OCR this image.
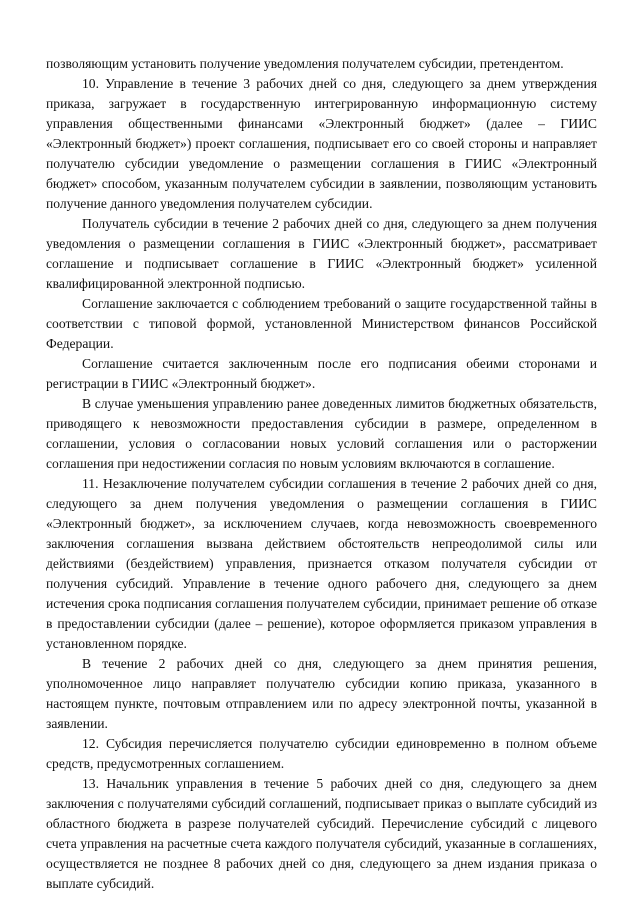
позволяющим установить получение уведомления получателем субсидии, претендентом.

10. Управление в течение 3 рабочих дней со дня, следующего за днем утверждения приказа, загружает в государственную интегрированную информационную систему управления общественными финансами «Электронный бюджет» (далее – ГИИС «Электронный бюджет») проект соглашения, подписывает его со своей стороны и направляет получателю субсидии уведомление о размещении соглашения в ГИИС «Электронный бюджет» способом, указанным получателем субсидии в заявлении, позволяющим установить получение данного уведомления получателем субсидии.

Получатель субсидии в течение 2 рабочих дней со дня, следующего за днем получения уведомления о размещении соглашения в ГИИС «Электронный бюджет», рассматривает соглашение и подписывает соглашение в ГИИС «Электронный бюджет» усиленной квалифицированной электронной подписью.

Соглашение заключается с соблюдением требований о защите государственной тайны в соответствии с типовой формой, установленной Министерством финансов Российской Федерации.

Соглашение считается заключенным после его подписания обеими сторонами и регистрации в ГИИС «Электронный бюджет».

В случае уменьшения управлению ранее доведенных лимитов бюджетных обязательств, приводящего к невозможности предоставления субсидии в размере, определенном в соглашении, условия о согласовании новых условий соглашения или о расторжении соглашения при недостижении согласия по новым условиям включаются в соглашение.

11. Незаключение получателем субсидии соглашения в течение 2 рабочих дней со дня, следующего за днем получения уведомления о размещении соглашения в ГИИС «Электронный бюджет», за исключением случаев, когда невозможность своевременного заключения соглашения вызвана действием обстоятельств непреодолимой силы или действиями (бездействием) управления, признается отказом получателя субсидии от получения субсидий. Управление в течение одного рабочего дня, следующего за днем истечения срока подписания соглашения получателем субсидии, принимает решение об отказе в предоставлении субсидии (далее – решение), которое оформляется приказом управления в установленном порядке.

В течение 2 рабочих дней со дня, следующего за днем принятия решения, уполномоченное лицо направляет получателю субсидии копию приказа, указанного в настоящем пункте, почтовым отправлением или по адресу электронной почты, указанной в заявлении.

12. Субсидия перечисляется получателю субсидии единовременно в полном объеме средств, предусмотренных соглашением.

13. Начальник управления в течение 5 рабочих дней со дня, следующего за днем заключения с получателями субсидий соглашений, подписывает приказ о выплате субсидий из областного бюджета в разрезе получателей субсидий. Перечисление субсидий с лицевого счета управления на расчетные счета каждого получателя субсидий, указанные в соглашениях, осуществляется не позднее 8 рабочих дней со дня, следующего за днем издания приказа о выплате субсидий.
